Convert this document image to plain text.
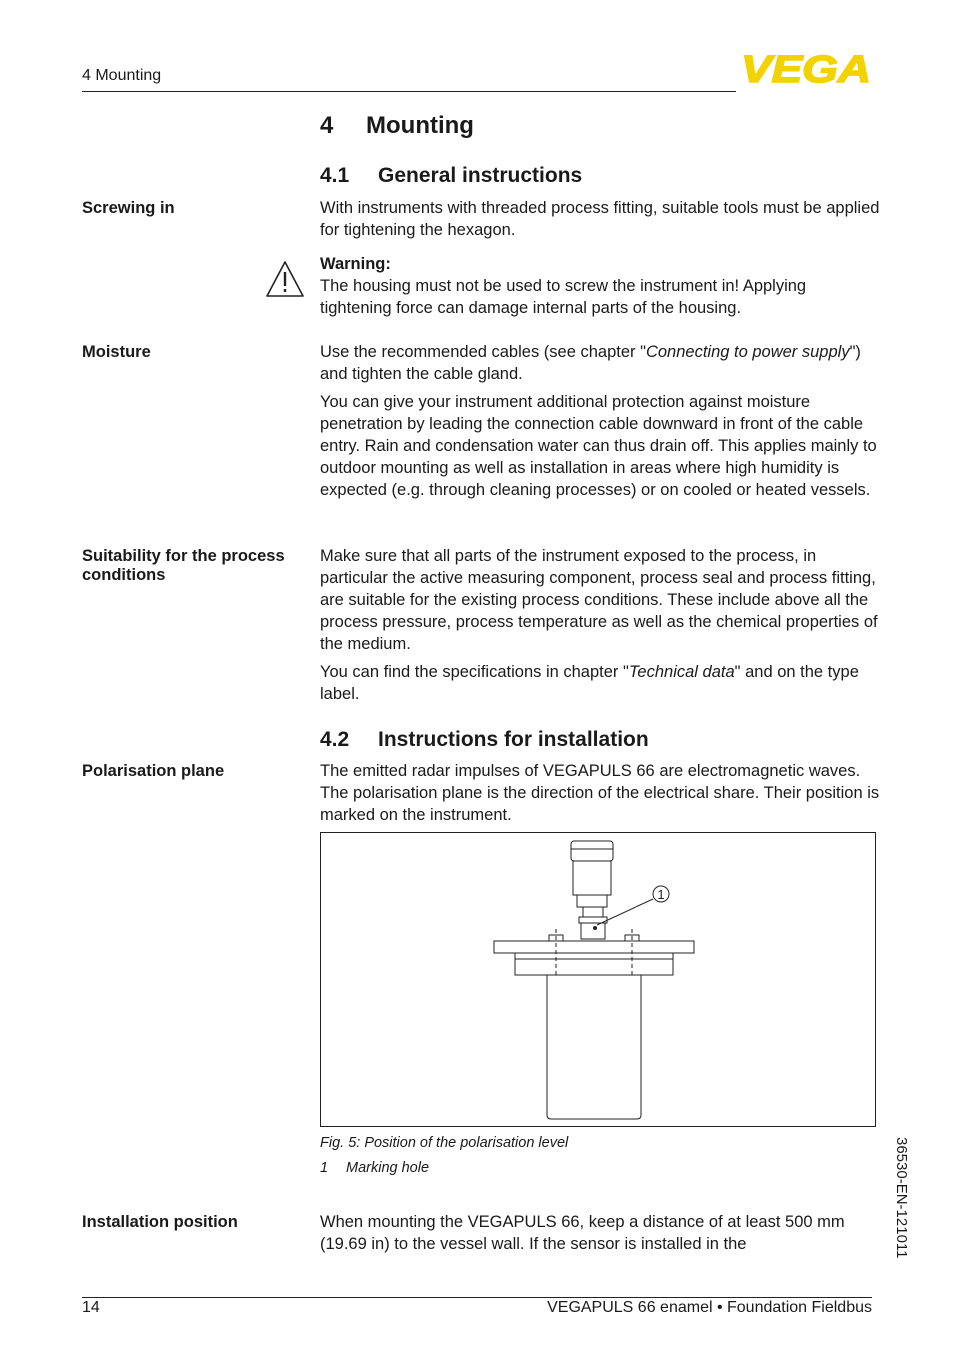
4 Mounting	VEGA
4 Mounting
4.1 General instructions
Screwing in	With instruments with threaded process fitting, suitable tools must be applied for tightening the hexagon.

Warning:

The housing must not be used to screw the instrument in! Applying tightening force can damage internal parts of the housing.

Moisture	Use the recommended cables (see chapter "Connecting to power supply") and tighten the cable gland.

You can give your instrument additional protection against moisture penetration by leading the connection cable downward in front of the cable entry. Rain and condensation water can thus drain off. This applies mainly to outdoor mounting as well as installation in areas where high humidity is expected (e.g. through cleaning processes) or on cooled or heated vessels.

Suitability for the process conditions

Make sure that all parts of the instrument exposed to the process, in particular the active measuring component, process seal and process fitting, are suitable for the existing process conditions. These include above all the process pressure, process temperature as well as the chemical properties of the medium.

You can find the specifications in chapter "Technical data" and on the type label.

4.2 Instructions for installation
Polarisation plane	The emitted radar impulses of VEGAPULS 66 are electromagnetic waves. The polarisation plane is the direction of the electrical share. Their position is marked on the instrument.

1
Fig. 5: Position of the polarisation level
1 Marking hole
Installation position	When mounting the VEGAPULS 66, keep a distance of at least 500 mm (19.69 in) to the vessel wall. If the sensor is installed in the	36530-EN-121011
14	VEGAPULS 66 enamel • Foundation Fieldbus
